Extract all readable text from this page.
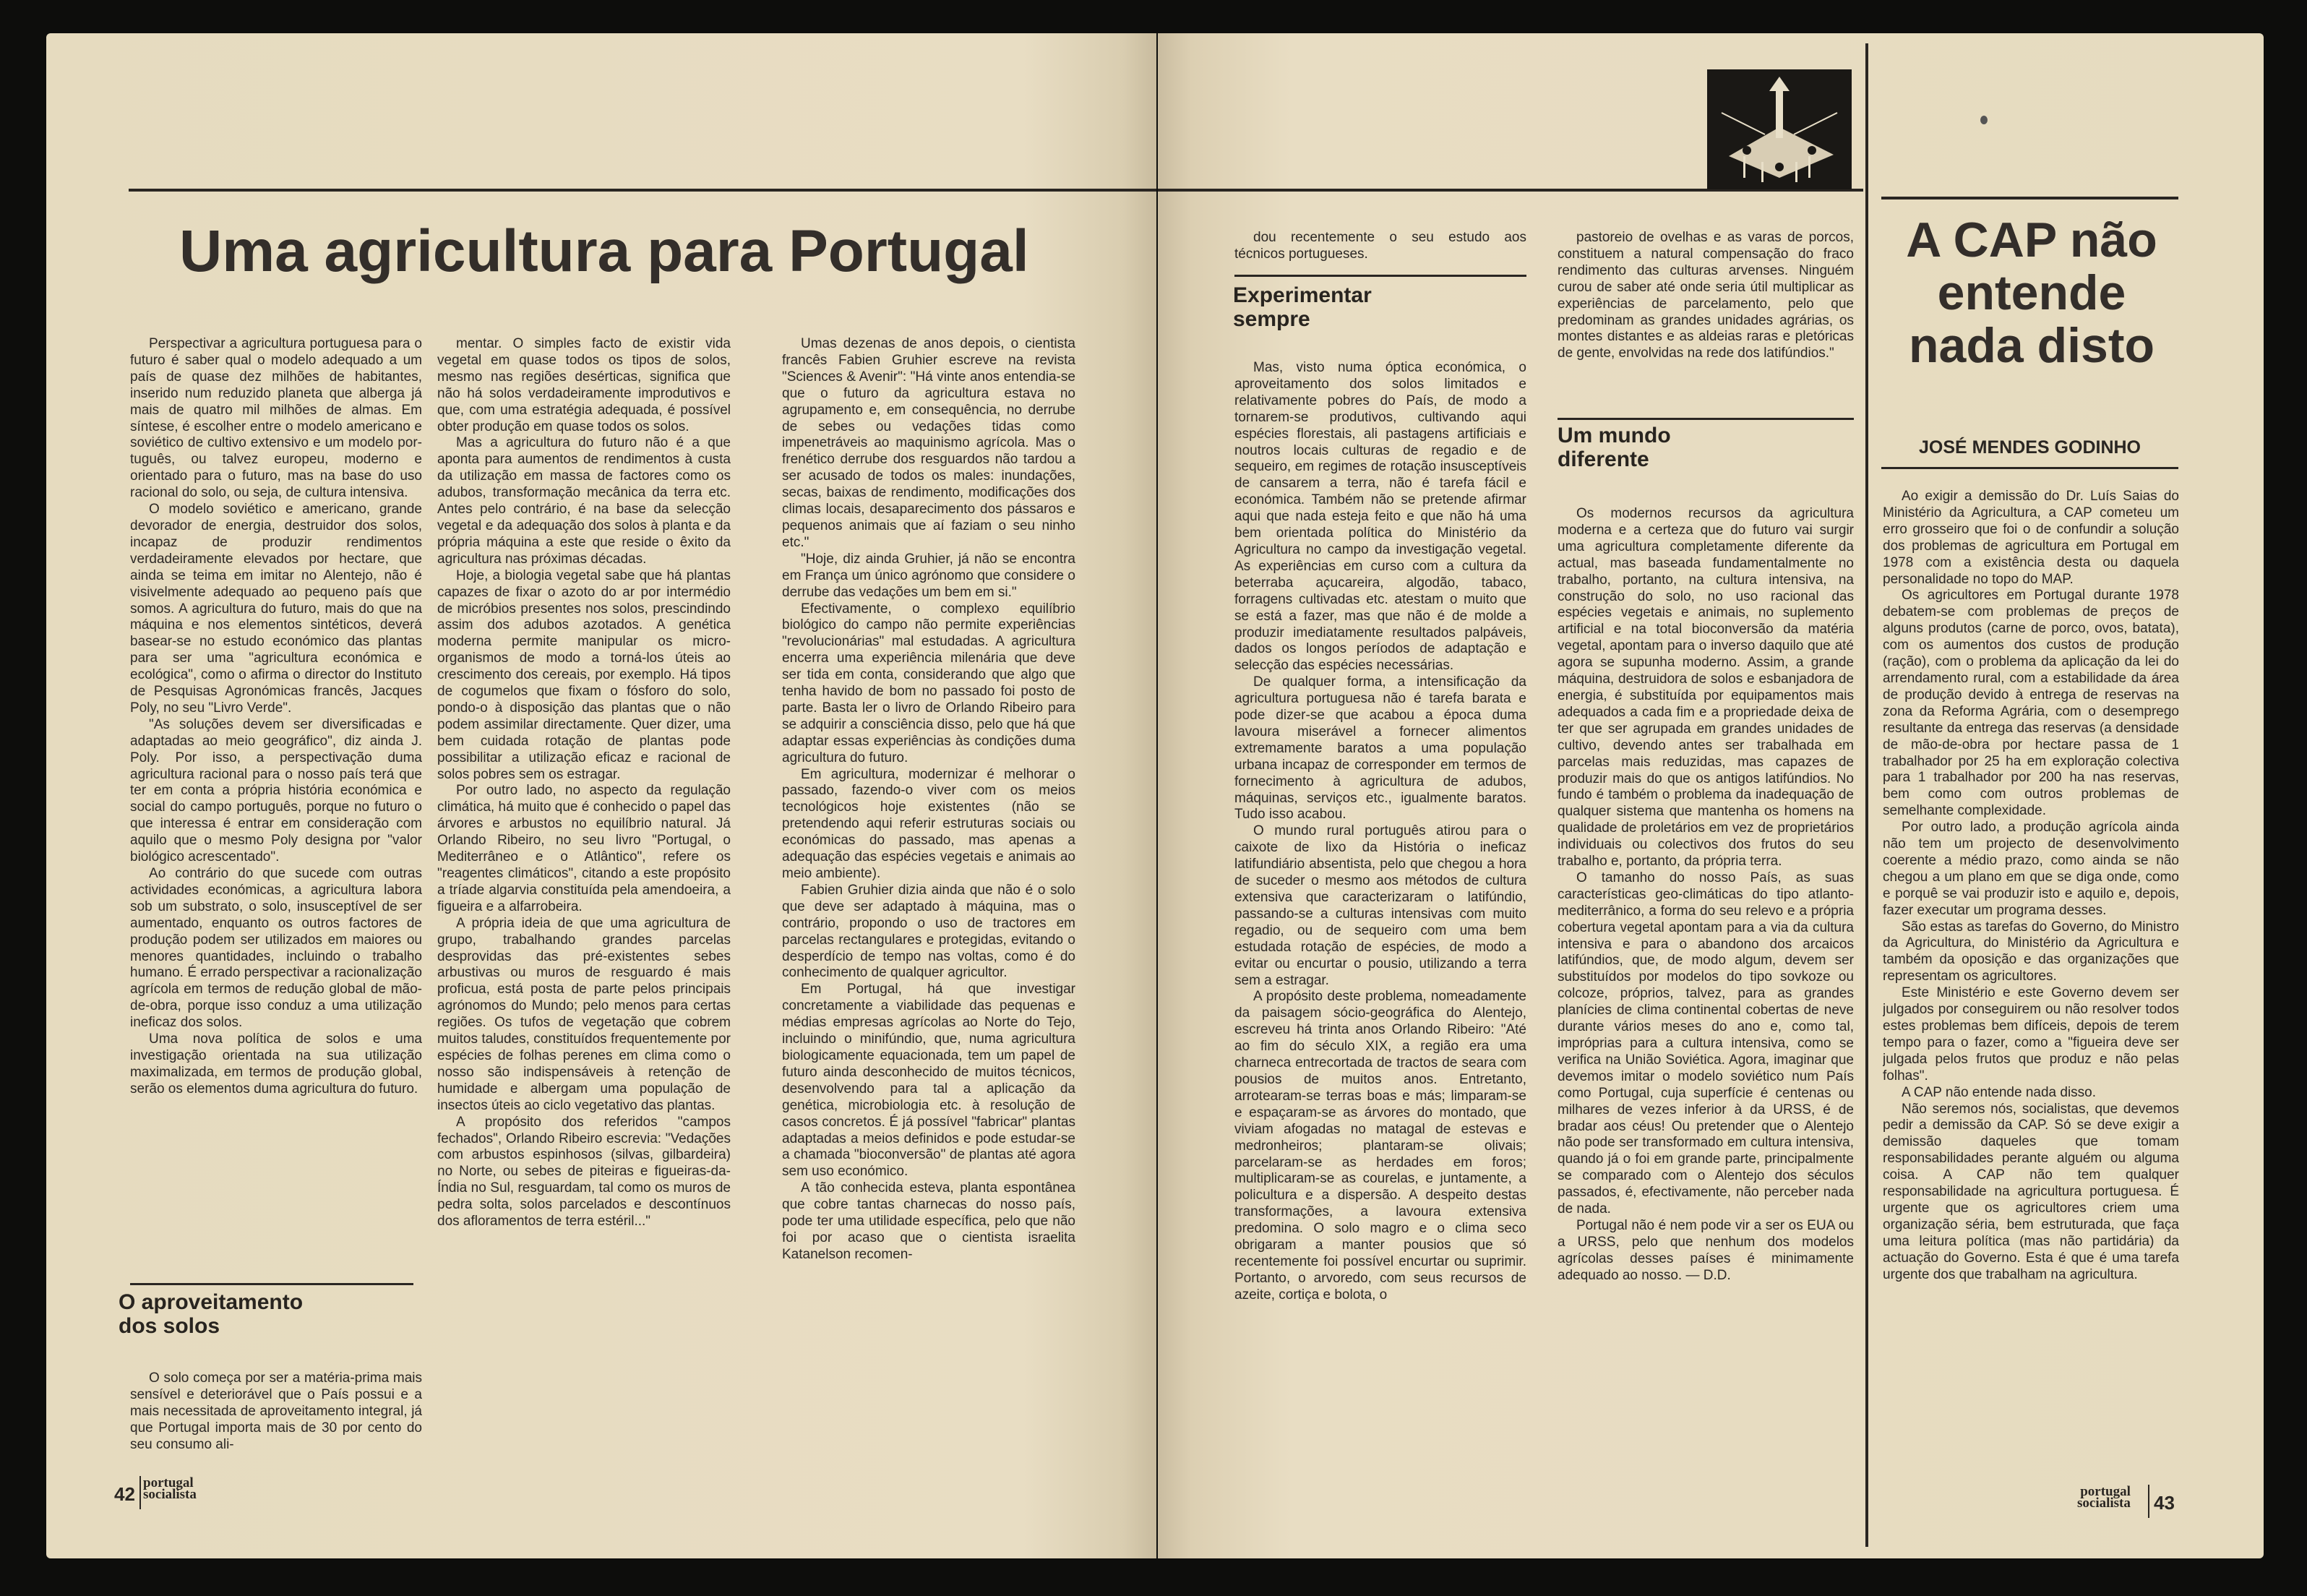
Uma agricultura para Portugal

Perspectivar a agricultura portuguesa para o futuro é saber qual o modelo adequado a um país de quase dez milhões de habitantes, inserido num reduzido planeta que alberga já mais de quatro mil milhões de almas. Em síntese, é escolher entre o modelo americano e soviético de cultivo extensivo e um modelo por-tuguês, ou talvez europeu, moderno e orientado para o futuro, mas na base do uso racional do solo, ou seja, de cultura intensiva.

O modelo soviético e americano, grande devorador de energia, destruidor dos solos, incapaz de produzir rendimentos verdadeiramente elevados por hectare, que ainda se teima em imitar no Alentejo, não é visivelmente adequado ao pequeno país que somos. A agricultura do futuro, mais do que na máquina e nos elementos sintéticos, deverá basear-se no estudo económico das plantas para ser uma "agricultura económica e ecológica", como o afirma o director do Instituto de Pesquisas Agronómicas francês, Jacques Poly, no seu "Livro Verde".

"As soluções devem ser diversificadas e adaptadas ao meio geográfico", diz ainda J. Poly. Por isso, a perspectivação duma agricultura racional para o nosso país terá que ter em conta a própria história económica e social do campo português, porque no futuro o que interessa é entrar em consideração com aquilo que o mesmo Poly designa por "valor biológico acrescentado".

Ao contrário do que sucede com outras actividades económicas, a agricultura labora sob um substrato, o solo, insusceptível de ser aumentado, enquanto os outros factores de produção podem ser utilizados em maiores ou menores quantidades, incluindo o trabalho humano. É errado perspectivar a racionalização agrícola em termos de redução global de mão-de-obra, porque isso conduz a uma utilização ineficaz dos solos.

Uma nova política de solos e uma investigação orientada na sua utilização maximalizada, em termos de produção global, serão os elementos duma agricultura do futuro.

O aproveitamento dos solos

O solo começa por ser a matéria-prima mais sensível e deteriorável que o País possui e a mais necessitada de aproveitamento integral, já que Portugal importa mais de 30 por cento do seu consumo ali-

mentar. O simples facto de existir vida vegetal em quase todos os tipos de solos, mesmo nas regiões desérticas, significa que não há solos verdadeiramente improdutivos e que, com uma estratégia adequada, é possível obter produção em quase todos os solos.

Mas a agricultura do futuro não é a que aponta para aumentos de rendimentos à custa da utilização em massa de factores como os adubos, transformação mecânica da terra etc. Antes pelo contrário, é na base da selecção vegetal e da adequação dos solos à planta e da própria máquina a este que reside o êxito da agricultura nas próximas décadas.

Hoje, a biologia vegetal sabe que há plantas capazes de fixar o azoto do ar por intermédio de micróbios presentes nos solos, prescindindo assim dos adubos azotados. A genética moderna permite manipular os micro-organismos de modo a torná-los úteis ao crescimento dos cereais, por exemplo. Há tipos de cogumelos que fixam o fósforo do solo, pondo-o à disposição das plantas que o não podem assimilar directamente. Quer dizer, uma bem cuidada rotação de plantas pode possibilitar a utilização eficaz e racional de solos pobres sem os estragar.

Por outro lado, no aspecto da regulação climática, há muito que é conhecido o papel das árvores e arbustos no equilíbrio natural. Já Orlando Ribeiro, no seu livro "Portugal, o Mediterrâneo e o Atlântico", refere os "reagentes climáticos", citando a este propósito a tríade algarvia constituída pela amendoeira, a figueira e a alfarrobeira.

A própria ideia de que uma agricultura de grupo, trabalhando grandes parcelas desprovidas das pré-existentes sebes arbustivas ou muros de resguardo é mais proficua, está posta de parte pelos principais agrónomos do Mundo; pelo menos para certas regiões. Os tufos de vegetação que cobrem muitos taludes, constituídos frequentemente por espécies de folhas perenes em clima como o nosso são indispensáveis à retenção de humidade e albergam uma população de insectos úteis ao ciclo vegetativo das plantas.

A propósito dos referidos "campos fechados", Orlando Ribeiro escrevia: "Vedações com arbustos espinhosos (silvas, gilbardeira) no Norte, ou sebes de piteiras e figueiras-da-Índia no Sul, resguardam, tal como os muros de pedra solta, solos parcelados e descontínuos dos afloramentos de terra estéril..."

Umas dezenas de anos depois, o cientista francês Fabien Gruhier escreve na revista "Sciences & Avenir": "Há vinte anos entendia-se que o futuro da agricultura estava no agrupamento e, em consequência, no derrube de sebes ou vedações tidas como impenetráveis ao maquinismo agrícola. Mas o frenético derrube dos resguardos não tardou a ser acusado de todos os males: inundações, secas, baixas de rendimento, modificações dos climas locais, desaparecimento dos pássaros e pequenos animais que aí faziam o seu ninho etc."

"Hoje, diz ainda Gruhier, já não se encontra em França um único agrónomo que considere o derrube das vedações um bem em si."

Efectivamente, o complexo equilíbrio biológico do campo não permite experiências "revolucionárias" mal estudadas. A agricultura encerra uma experiência milenária que deve ser tida em conta, considerando que algo que tenha havido de bom no passado foi posto de parte. Basta ler o livro de Orlando Ribeiro para se adquirir a consciência disso, pelo que há que adaptar essas experiências às condições duma agricultura do futuro.

Em agricultura, modernizar é melhorar o passado, fazendo-o viver com os meios tecnológicos hoje existentes (não se pretendendo aqui referir estruturas sociais ou económicas do passado, mas apenas a adequação das espécies vegetais e animais ao meio ambiente).

Fabien Gruhier dizia ainda que não é o solo que deve ser adaptado à máquina, mas o contrário, propondo o uso de tractores em parcelas rectangulares e protegidas, evitando o desperdício de tempo nas voltas, como é do conhecimento de qualquer agricultor.

Em Portugal, há que investigar concretamente a viabilidade das pequenas e médias empresas agrícolas ao Norte do Tejo, incluindo o minifúndio, que, numa agricultura biologicamente equacionada, tem um papel de futuro ainda desconhecido de muitos técnicos, desenvolvendo para tal a aplicação da genética, microbiologia etc. à resolução de casos concretos. É já possível "fabricar" plantas adaptadas a meios definidos e pode estudar-se a chamada "bioconversão" de plantas até agora sem uso económico.

A tão conhecida esteva, planta espontânea que cobre tantas charnecas do nosso país, pode ter uma utilidade específica, pelo que não foi por acaso que o cientista israelita Katanelson recomen-

42
portugal
socialista

dou recentemente o seu estudo aos técnicos portugueses.

Experimentar sempre

Mas, visto numa óptica económica, o aproveitamento dos solos limitados e relativamente pobres do País, de modo a tornarem-se produtivos, cultivando aqui espécies florestais, ali pastagens artificiais e noutros locais culturas de regadio e de sequeiro, em regimes de rotação insusceptíveis de cansarem a terra, não é tarefa fácil e económica. Também não se pretende afirmar aqui que nada esteja feito e que não há uma bem orientada política do Ministério da Agricultura no campo da investigação vegetal. As experiências em curso com a cultura da beterraba açucareira, algodão, tabaco, forragens cultivadas etc. atestam o muito que se está a fazer, mas que não é de molde a produzir imediatamente resultados palpáveis, dados os longos períodos de adaptação e selecção das espécies necessárias.

De qualquer forma, a intensificação da agricultura portuguesa não é tarefa barata e pode dizer-se que acabou a época duma lavoura miserável a fornecer alimentos extremamente baratos a uma população urbana incapaz de corresponder em termos de fornecimento à agricultura de adubos, máquinas, serviços etc., igualmente baratos. Tudo isso acabou.

O mundo rural português atirou para o caixote de lixo da História o ineficaz latifundiário absentista, pelo que chegou a hora de suceder o mesmo aos métodos de cultura extensiva que caracterizaram o latifúndio, passando-se a culturas intensivas com muito regadio, ou de sequeiro com uma bem estudada rotação de espécies, de modo a evitar ou encurtar o pousio, utilizando a terra sem a estragar.

A propósito deste problema, nomeadamente da paisagem sócio-geográfica do Alentejo, escreveu há trinta anos Orlando Ribeiro: "Até ao fim do século XIX, a região era uma charneca entrecortada de tractos de seara com pousios de muitos anos. Entretanto, arrotearam-se terras boas e más; limparam-se e espaçaram-se as árvores do montado, que viviam afogadas no matagal de estevas e medronheiros; plantaram-se olivais; parcelaram-se as herdades em foros; multiplicaram-se as courelas, e juntamente, a policultura e a dispersão. A despeito destas transformações, a lavoura extensiva predomina. O solo magro e o clima seco obrigaram a manter pousios que só recentemente foi possível encurtar ou suprimir. Portanto, o arvoredo, com seus recursos de azeite, cortiça e bolota, o

pastoreio de ovelhas e as varas de porcos, constituem a natural compensação do fraco rendimento das culturas arvenses. Ninguém curou de saber até onde seria útil multiplicar as experiências de parcelamento, pelo que predominam as grandes unidades agrárias, os montes distantes e as aldeias raras e pletóricas de gente, envolvidas na rede dos latifúndios."

Um mundo diferente

Os modernos recursos da agricultura moderna e a certeza que do futuro vai surgir uma agricultura completamente diferente da actual, mas baseada fundamentalmente no trabalho, portanto, na cultura intensiva, na construção do solo, no uso racional das espécies vegetais e animais, no suplemento artificial e na total bioconversão da matéria vegetal, apontam para o inverso daquilo que até agora se supunha moderno. Assim, a grande máquina, destruidora de solos e esbanjadora de energia, é substituída por equipamentos mais adequados a cada fim e a propriedade deixa de ter que ser agrupada em grandes unidades de cultivo, devendo antes ser trabalhada em parcelas mais reduzidas, mas capazes de produzir mais do que os antigos latifúndios. No fundo é também o problema da inadequação de qualquer sistema que mantenha os homens na qualidade de proletários em vez de proprietários individuais ou colectivos dos frutos do seu trabalho e, portanto, da própria terra.

O tamanho do nosso País, as suas características geo-climáticas do tipo atlanto-mediterrânico, a forma do seu relevo e a própria cobertura vegetal apontam para a via da cultura intensiva e para o abandono dos arcaicos latifúndios, que, de modo algum, devem ser substituídos por modelos do tipo sovkoze ou colcoze, próprios, talvez, para as grandes planícies de clima continental cobertas de neve durante vários meses do ano e, como tal, impróprias para a cultura intensiva, como se verifica na União Soviética. Agora, imaginar que devemos imitar o modelo soviético num País como Portugal, cuja superfície é centenas ou milhares de vezes inferior à da URSS, é de bradar aos céus! Ou pretender que o Alentejo não pode ser transformado em cultura intensiva, quando já o foi em grande parte, principalmente se comparado com o Alentejo dos séculos passados, é, efectivamente, não perceber nada de nada.

Portugal não é nem pode vir a ser os EUA ou a URSS, pelo que nenhum dos modelos agrícolas desses países é minimamente adequado ao nosso. — D.D.

A CAP não entende nada disto
JOSÉ MENDES GODINHO

Ao exigir a demissão do Dr. Luís Saias do Ministério da Agricultura, a CAP cometeu um erro grosseiro que foi o de confundir a solução dos problemas de agricultura em Portugal em 1978 com a existência desta ou daquela personalidade no topo do MAP.

Os agricultores em Portugal durante 1978 debatem-se com problemas de preços de alguns produtos (carne de porco, ovos, batata), com os aumentos dos custos de produção (ração), com o problema da aplicação da lei do arrendamento rural, com a estabilidade da área de produção devido à entrega de reservas na zona da Reforma Agrária, com o desemprego resultante da entrega das reservas (a densidade de mão-de-obra por hectare passa de 1 trabalhador por 25 ha em exploração colectiva para 1 trabalhador por 200 ha nas reservas, bem como com outros problemas de semelhante complexidade.

Por outro lado, a produção agrícola ainda não tem um projecto de desenvolvimento coerente a médio prazo, como ainda se não chegou a um plano em que se diga onde, como e porquê se vai produzir isto e aquilo e, depois, fazer executar um programa desses.

São estas as tarefas do Governo, do Ministro da Agricultura, do Ministério da Agricultura e também da oposição e das organizações que representam os agricultores.

Este Ministério e este Governo devem ser julgados por conseguirem ou não resolver todos estes problemas bem difíceis, depois de terem tempo para o fazer, como a "figueira deve ser julgada pelos frutos que produz e não pelas folhas".

A CAP não entende nada disso.

Não seremos nós, socialistas, que devemos pedir a demissão da CAP. Só se deve exigir a demissão daqueles que tomam responsabilidades perante alguém ou alguma coisa. A CAP não tem qualquer responsabilidade na agricultura portuguesa. É urgente que os agricultores criem uma organização séria, bem estruturada, que faça uma leitura política (mas não partidária) da actuação do Governo. Esta é que é uma tarefa urgente dos que trabalham na agricultura.

portugal
socialista 43
